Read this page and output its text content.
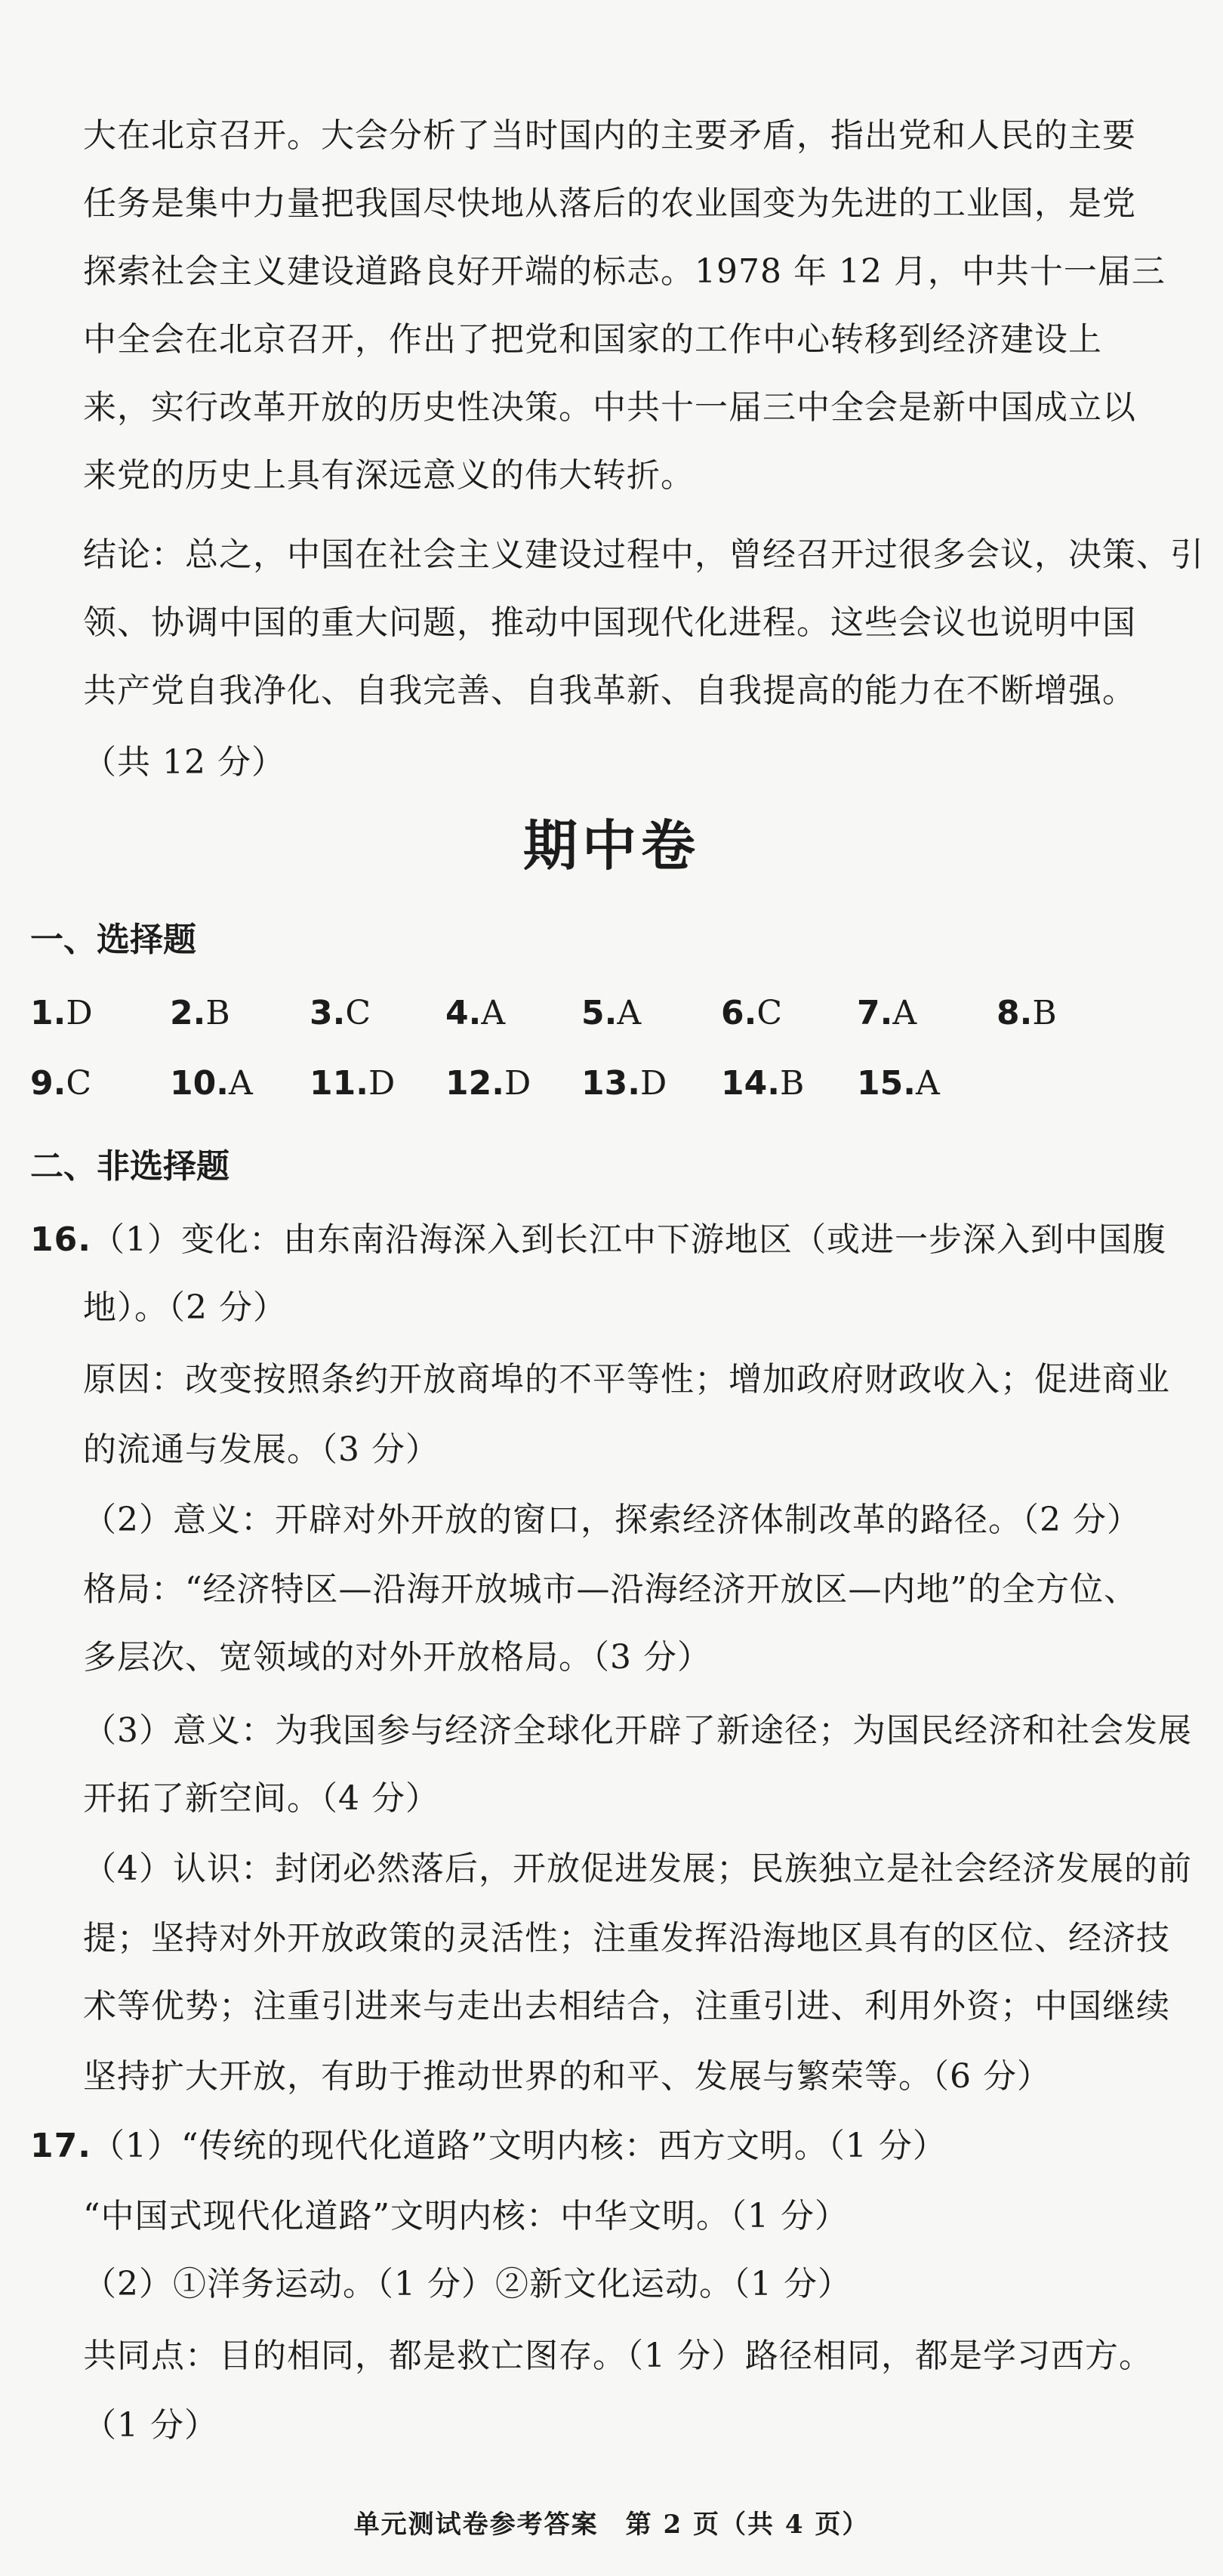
大在北京召开。大会分析了当时国内的主要矛盾，指出党和人民的主要
任务是集中力量把我国尽快地从落后的农业国变为先进的工业国，是党
探索社会主义建设道路良好开端的标志。1978 年 12 月，中共十一届三
中全会在北京召开，作出了把党和国家的工作中心转移到经济建设上
来，实行改革开放的历史性决策。中共十一届三中全会是新中国成立以
来党的历史上具有深远意义的伟大转折。
结论：总之，中国在社会主义建设过程中，曾经召开过很多会议，决策、引
领、协调中国的重大问题，推动中国现代化进程。这些会议也说明中国
共产党自我净化、自我完善、自我革新、自我提高的能力在不断增强。
（共 12 分）
期中卷
一、选择题
1.D 2.B 3.C 4.A 5.A 6.C 7.A 8.B
9.C 10.A 11.D 12.D 13.D 14.B 15.A
二、非选择题
16.（1）变化：由东南沿海深入到长江中下游地区（或进一步深入到中国腹
地）。（2 分）
原因：改变按照条约开放商埠的不平等性；增加政府财政收入；促进商业
的流通与发展。（3 分）
（2）意义：开辟对外开放的窗口，探索经济体制改革的路径。（2 分）
格局：“经济特区—沿海开放城市—沿海经济开放区—内地”的全方位、
多层次、宽领域的对外开放格局。（3 分）
（3）意义：为我国参与经济全球化开辟了新途径；为国民经济和社会发展
开拓了新空间。（4 分）
（4）认识：封闭必然落后，开放促进发展；民族独立是社会经济发展的前
提；坚持对外开放政策的灵活性；注重发挥沿海地区具有的区位、经济技
术等优势；注重引进来与走出去相结合，注重引进、利用外资；中国继续
坚持扩大开放，有助于推动世界的和平、发展与繁荣等。（6 分）
17.（1）“传统的现代化道路”文明内核：西方文明。（1 分）
“中国式现代化道路”文明内核：中华文明。（1 分）
（2）①洋务运动。（1 分）②新文化运动。（1 分）
共同点：目的相同，都是救亡图存。（1 分）路径相同，都是学习西方。
（1 分）
单元测试卷参考答案　第 2 页（共 4 页）
